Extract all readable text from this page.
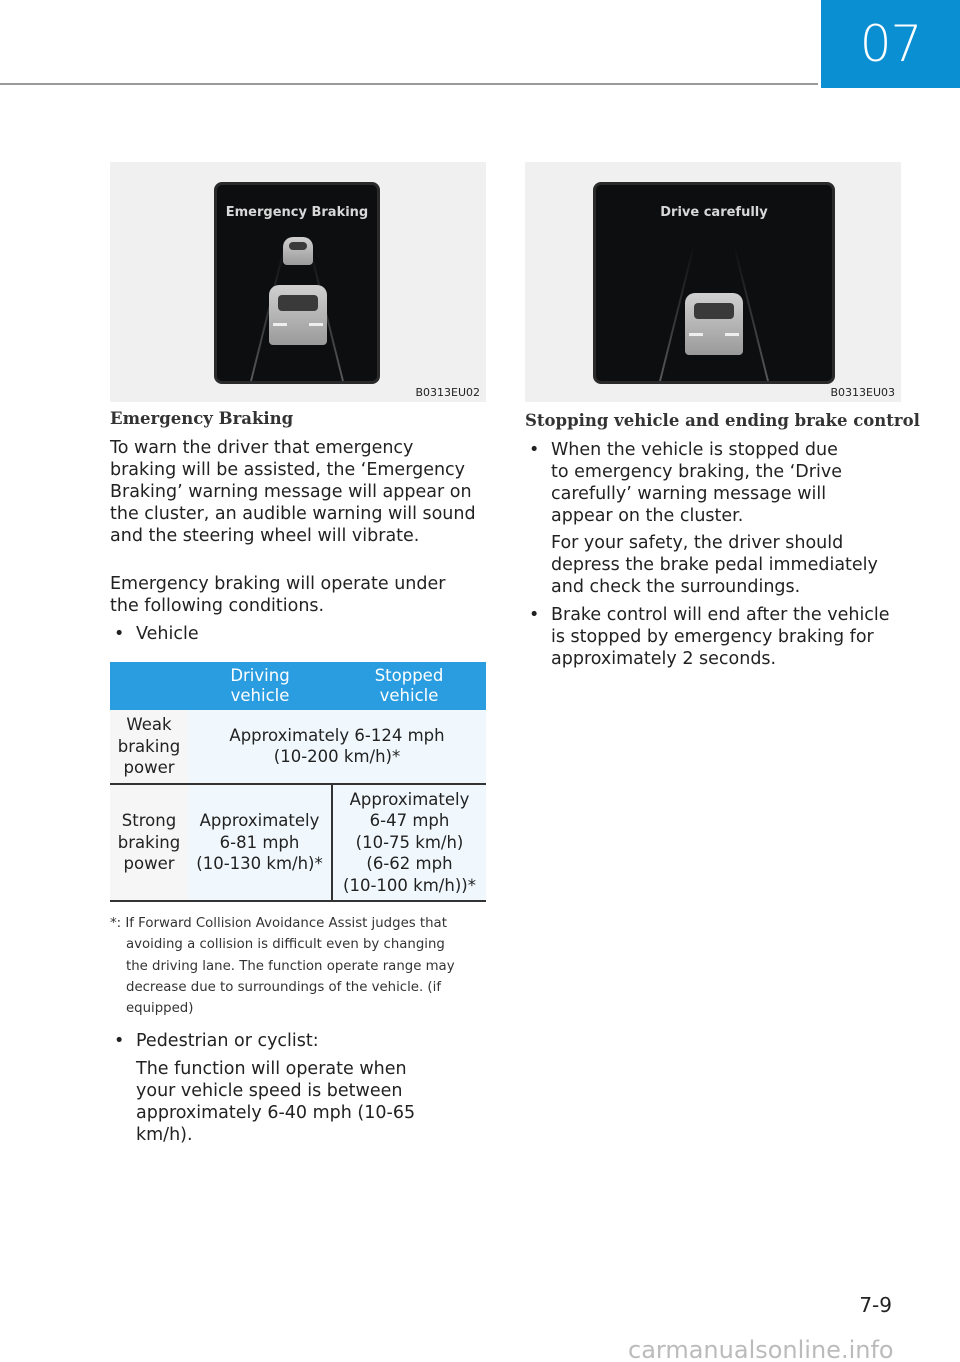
07
Emergency Braking
B0313EU02
Drive carefully
B0313EU03
Emergency Braking
To warn the driver that emergency
braking will be assisted, the ‘Emergency
Braking’ warning message will appear on
the cluster, an audible warning will sound
and the steering wheel will vibrate.
Emergency braking will operate under
the following conditions.
• Vehicle
	Driving
vehicle	Stopped
vehicle
Weak
braking
power	Approximately 6-124 mph
(10-200 km/h)*	
Strong
braking
power	Approximately
6-81 mph
(10-130 km/h)*	Approximately
6-47 mph
(10-75 km/h)
(6-62 mph
(10-100 km/h))*
*: If Forward Collision Avoidance Assist judges that
avoiding a collision is difficult even by changing
the driving lane. The function operate range may
decrease due to surroundings of the vehicle. (if
equipped)
• Pedestrian or cyclist:
The function will operate when
your vehicle speed is between
approximately 6-40 mph (10-65
km/h).
Stopping vehicle and ending brake control
• When the vehicle is stopped due
to emergency braking, the ‘Drive
carefully’ warning message will
appear on the cluster.
For your safety, the driver should
depress the brake pedal immediately
and check the surroundings.
• Brake control will end after the vehicle
is stopped by emergency braking for
approximately 2 seconds.
7-9
carmanualsonline.info
